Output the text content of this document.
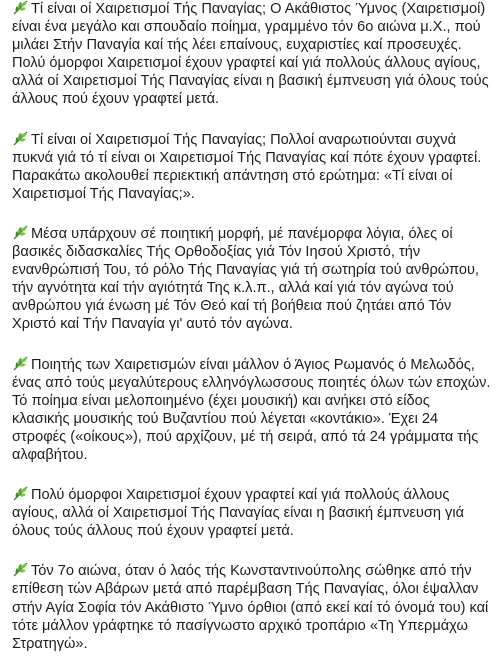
Τί είναι οί Χαιρετισμοί Τής Παναγίας; Ο Ακάθιστος Ύμνος (Χαιρετισμοί) είναι ένα μεγάλο και σπουδαίο ποίημα, γραμμένο τόν 6ο αιώνα μ.Χ., πού μιλάει Στήν Παναγία καί τής λέει επαίνους, ευχαριστίες καί προσευχές. Πολύ όμορφοι Χαιρετισμοί έχουν γραφτεί καί γιά πολλούς άλλους αγίους, αλλά οί Χαιρετισμοί Τής Παναγίας είναι η βασική έμπνευση γιά όλους τούς άλλους πού έχουν γραφτεί μετά.

Τί είναι οί Χαιρετισμοί Τής Παναγίας; Πολλοί αναρωτιούνται συχνά πυκνά γιά τό τί είναι οι Χαιρετισμοί Τής Παναγίας καί πότε έχουν γραφτεί. Παρακάτω ακολουθεί περιεκτική απάντηση στό ερώτημα: «Τί είναι οί Χαιρετισμοί Τής Παναγίας;».

Μέσα υπάρχουν σέ ποιητική μορφή, μέ πανέμορφα λόγια, όλες οί βασικές διδασκαλίες Τής Ορθοδοξίας γιά Τόν Ιησού Χριστό, τήν ενανθρώπισή Του, τό ρόλο Τής Παναγίας γιά τή σωτηρία τού ανθρώπου, τήν αγνότητα καί τήν αγιότητά Της κ.λ.π., αλλά καί γιά τόν αγώνα τού ανθρώπου γιά ένωση μέ Τόν Θεό καί τή βοήθεια πού ζητάει από Τόν Χριστό καί Τήν Παναγία γι' αυτό τόν αγώνα.

Ποιητής των Χαιρετισμών είναι μάλλον ό Άγιος Ρωμανός ό Μελωδός, ένας από τούς μεγαλύτερους ελληνόγλωσσους ποιητές όλων τών εποχών. Τό ποίημα είναι μελοποιημένο (έχει μουσική) και ανήκει στό είδος κλασικής μουσικής τού Βυζαντίου πού λέγεται «κοντάκιο». Έχει 24 στροφές («οίκους»), πού αρχίζουν, μέ τή σειρά, από τά 24 γράμματα τής αλφαβήτου.

Πολύ όμορφοι Χαιρετισμοί έχουν γραφτεί καί γιά πολλούς άλλους αγίους, αλλά οί Χαιρετισμοί Τής Παναγίας είναι η βασική έμπνευση γιά όλους τούς άλλους πού έχουν γραφτεί μετά.

Τόν 7ο αιώνα, όταν ό λαός τής Κωνσταντινούπολης σώθηκε από τήν επίθεση τών Αβάρων μετά από παρέμβαση Τής Παναγίας, όλοι έψαλλαν στήν Αγία Σοφία τόν Ακάθιστο Ύμνο όρθιοι (από εκεί καί τό όνομά του) καί τότε μάλλον γράφτηκε τό πασίγνωστο αρχικό τροπάριο «Τη Υπερμάχω Στρατηγώ».
